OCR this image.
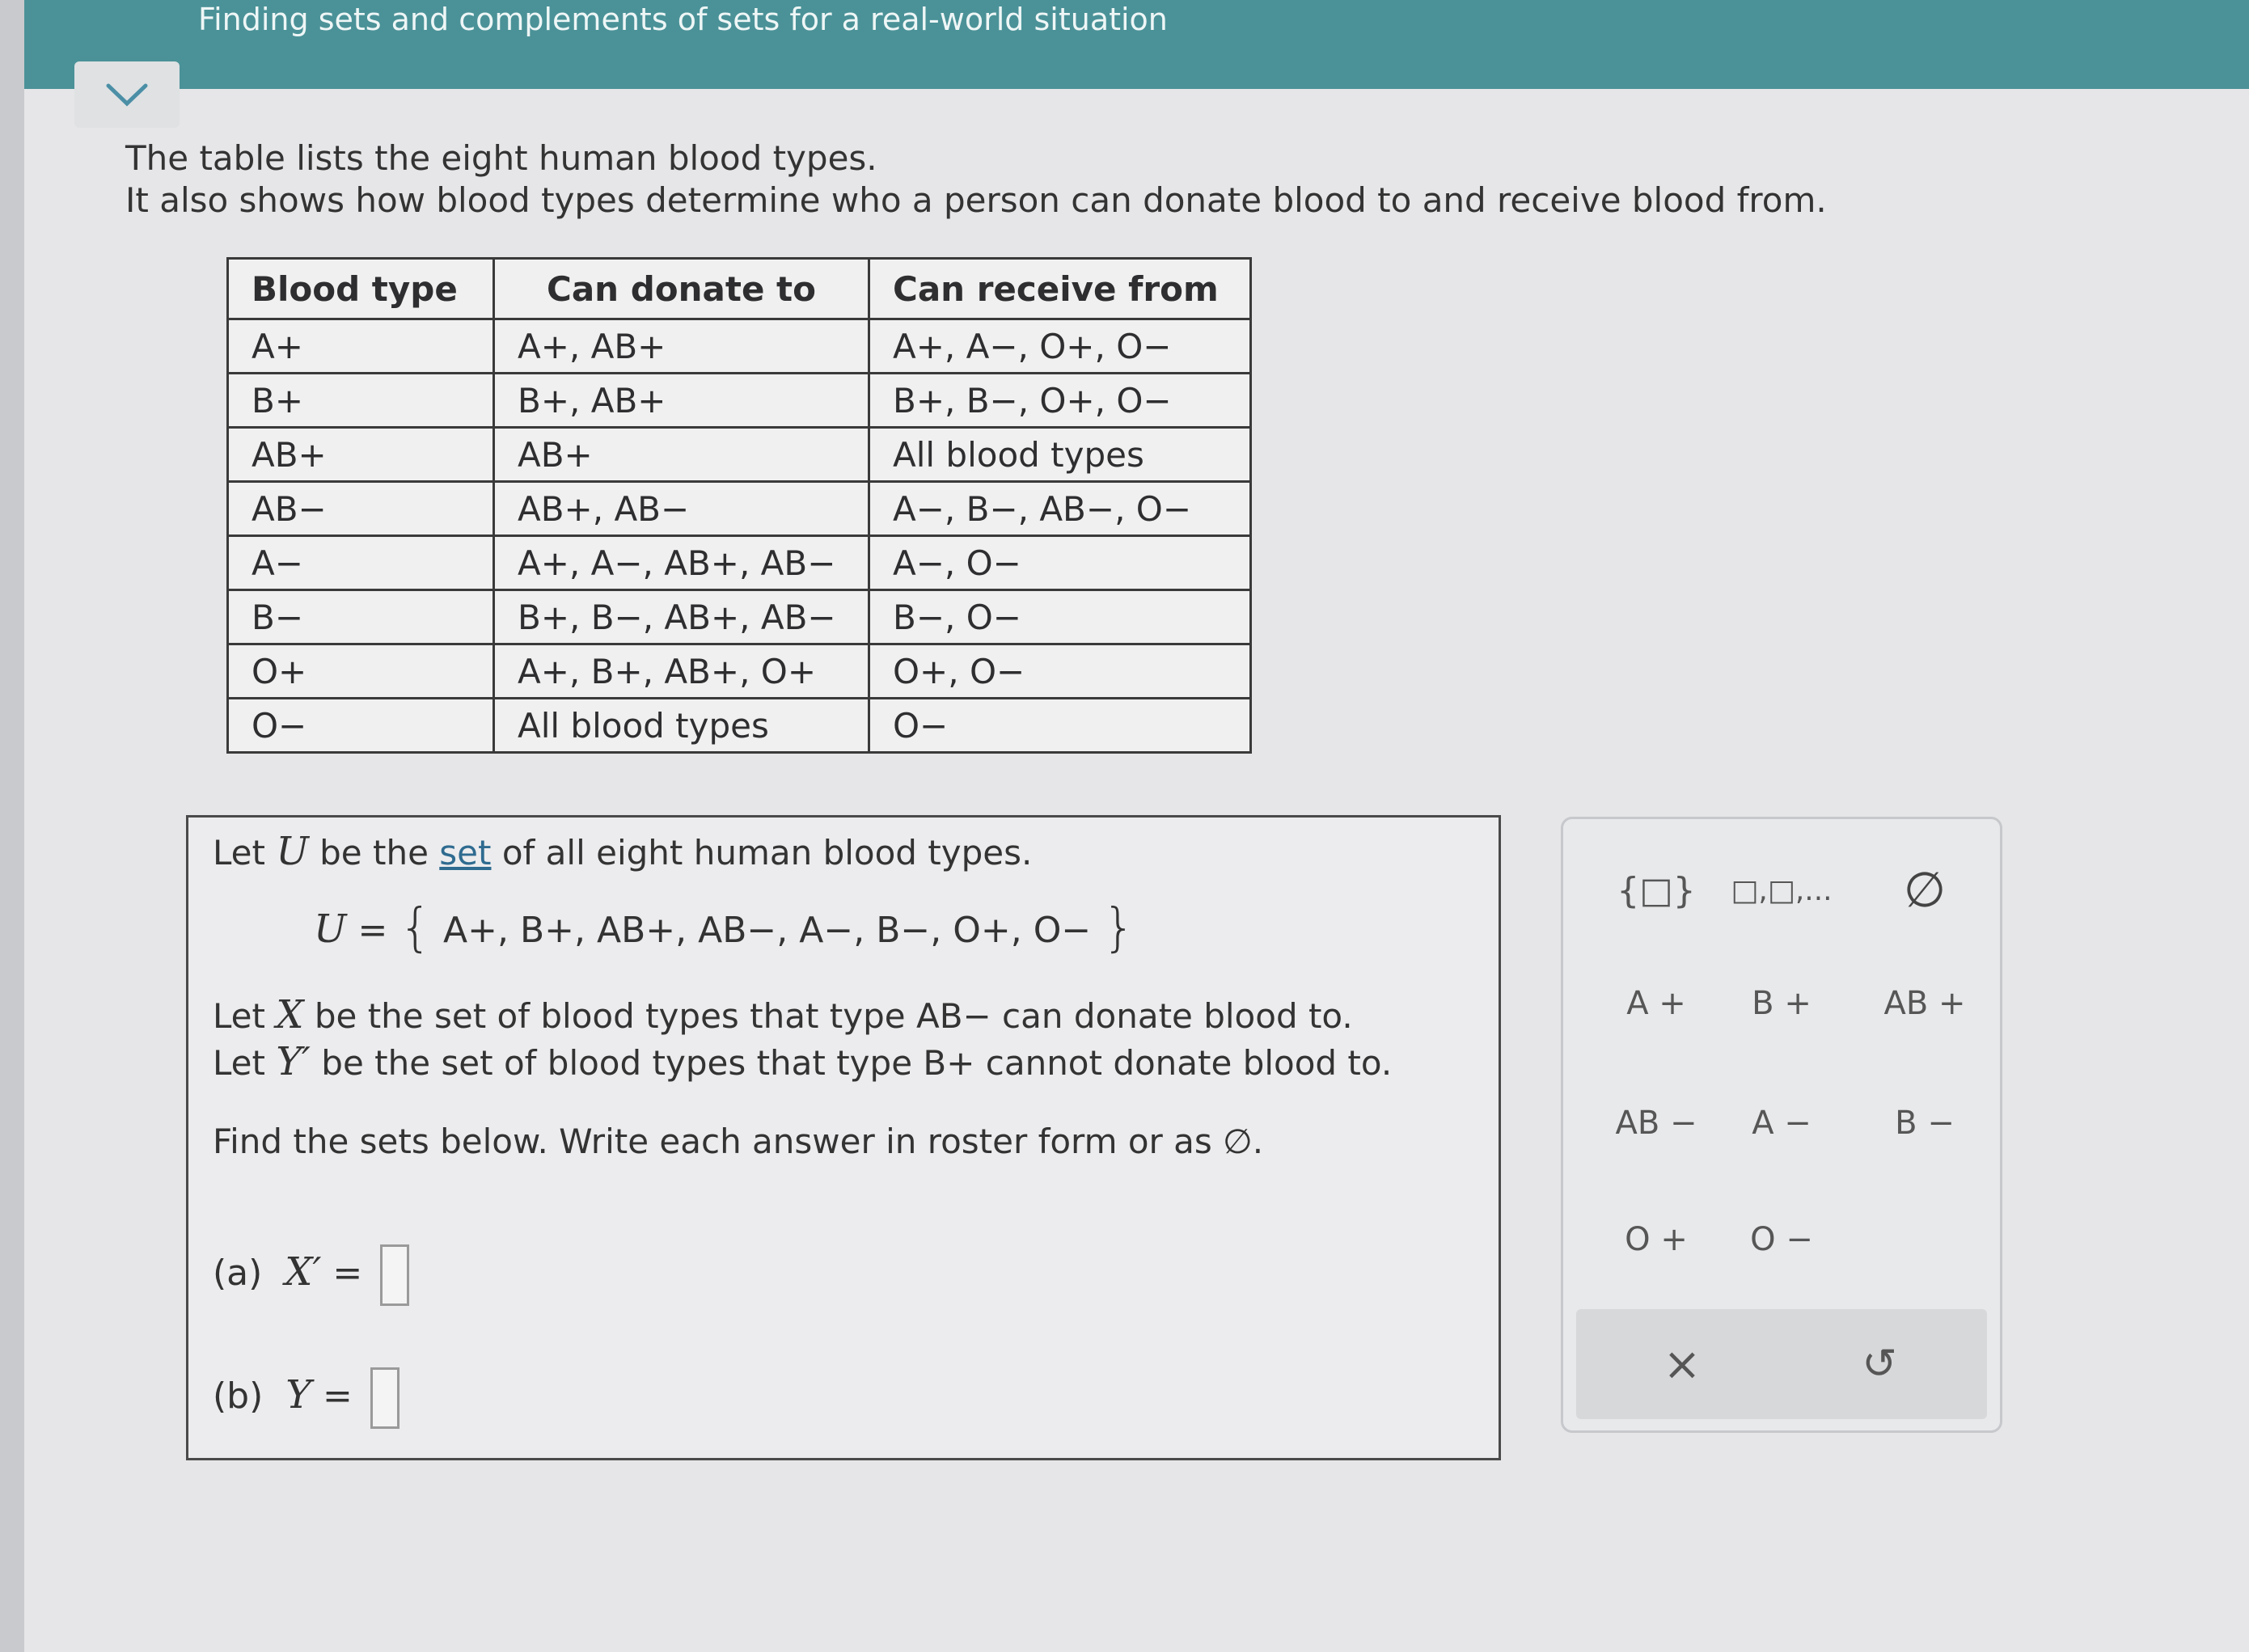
Finding sets and complements of sets for a real-world situation
The table lists the eight human blood types.
It also shows how blood types determine who a person can donate blood to and receive blood from.
Blood type	Can donate to	Can receive from
A+	A+, AB+	A+, A−, O+, O−
B+	B+, AB+	B+, B−, O+, O−
AB+	AB+	All blood types
AB−	AB+, AB−	A−, B−, AB−, O−
A−	A+, A−, AB+, AB−	A−, O−
B−	B+, B−, AB+, AB−	B−, O−
O+	A+, B+, AB+, O+	O+, O−
O−	All blood types	O−
Let U be the set of all eight human blood types.
U = { A+, B+, AB+, AB−, A−, B−, O+, O− }
Let X be the set of blood types that type AB− can donate blood to.
Let Y′ be the set of blood types that type B+ cannot donate blood to.
Find the sets below. Write each answer in roster form or as ∅.
(a) X′ =
(b) Y =
{□}	□,□,...	∅
A +	B +	AB +
AB −	A −	B −
O +	O −
×	↺
